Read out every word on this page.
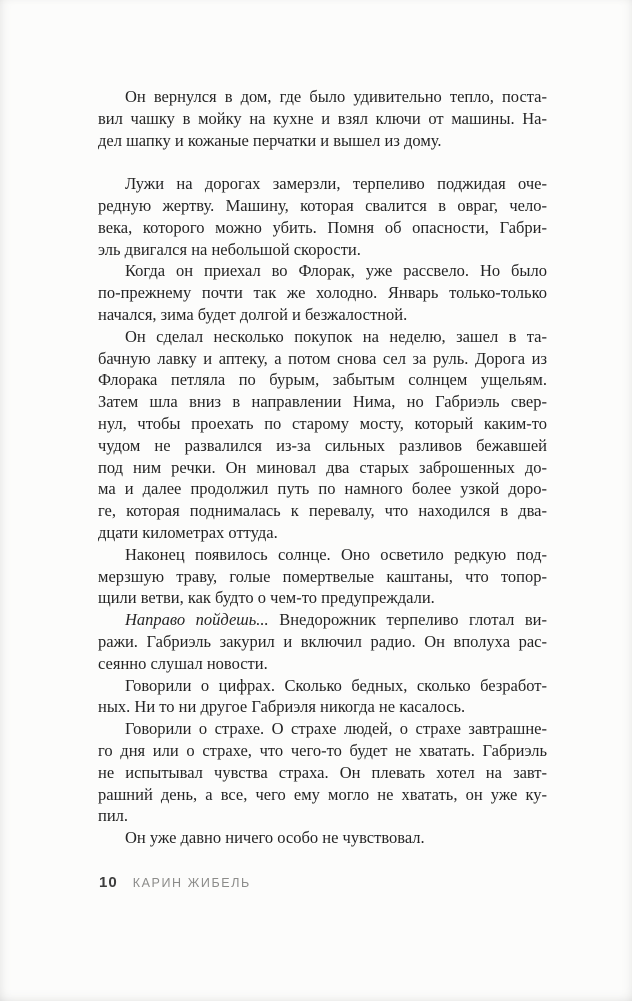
Он вернулся в дом, где было удивительно тепло, поста-
вил чашку в мойку на кухне и взял ключи от машины. На-
дел шапку и кожаные перчатки и вышел из дому.
Лужи на дорогах замерзли, терпеливо поджидая оче-
редную жертву. Машину, которая свалится в овраг, чело-
века, которого можно убить. Помня об опасности, Габри-
эль двигался на небольшой скорости.
Когда он приехал во Флорак, уже рассвело. Но было
по-прежнему почти так же холодно. Январь только-только
начался, зима будет долгой и безжалостной.
Он сделал несколько покупок на неделю, зашел в та-
бачную лавку и аптеку, а потом снова сел за руль. Дорога из
Флорака петляла по бурым, забытым солнцем ущельям.
Затем шла вниз в направлении Нима, но Габриэль свер-
нул, чтобы проехать по старому мосту, который каким-то
чудом не развалился из-за сильных разливов бежавшей
под ним речки. Он миновал два старых заброшенных до-
ма и далее продолжил путь по намного более узкой доро-
ге, которая поднималась к перевалу, что находился в два-
дцати километрах оттуда.
Наконец появилось солнце. Оно осветило редкую под-
мерзшую траву, голые помертвелые каштаны, что топор-
щили ветви, как будто о чем-то предупреждали.
Направо пойдешь... Внедорожник терпеливо глотал ви-
ражи. Габриэль закурил и включил радио. Он вполуха рас-
сеянно слушал новости.
Говорили о цифрах. Сколько бедных, сколько безработ-
ных. Ни то ни другое Габриэля никогда не касалось.
Говорили о страхе. О страхе людей, о страхе завтрашне-
го дня или о страхе, что чего-то будет не хватать. Габриэль
не испытывал чувства страха. Он плевать хотел на завт-
рашний день, а все, чего ему могло не хватать, он уже ку-
пил.
Он уже давно ничего особо не чувствовал.
10 КАРИН ЖИБЕЛЬ
